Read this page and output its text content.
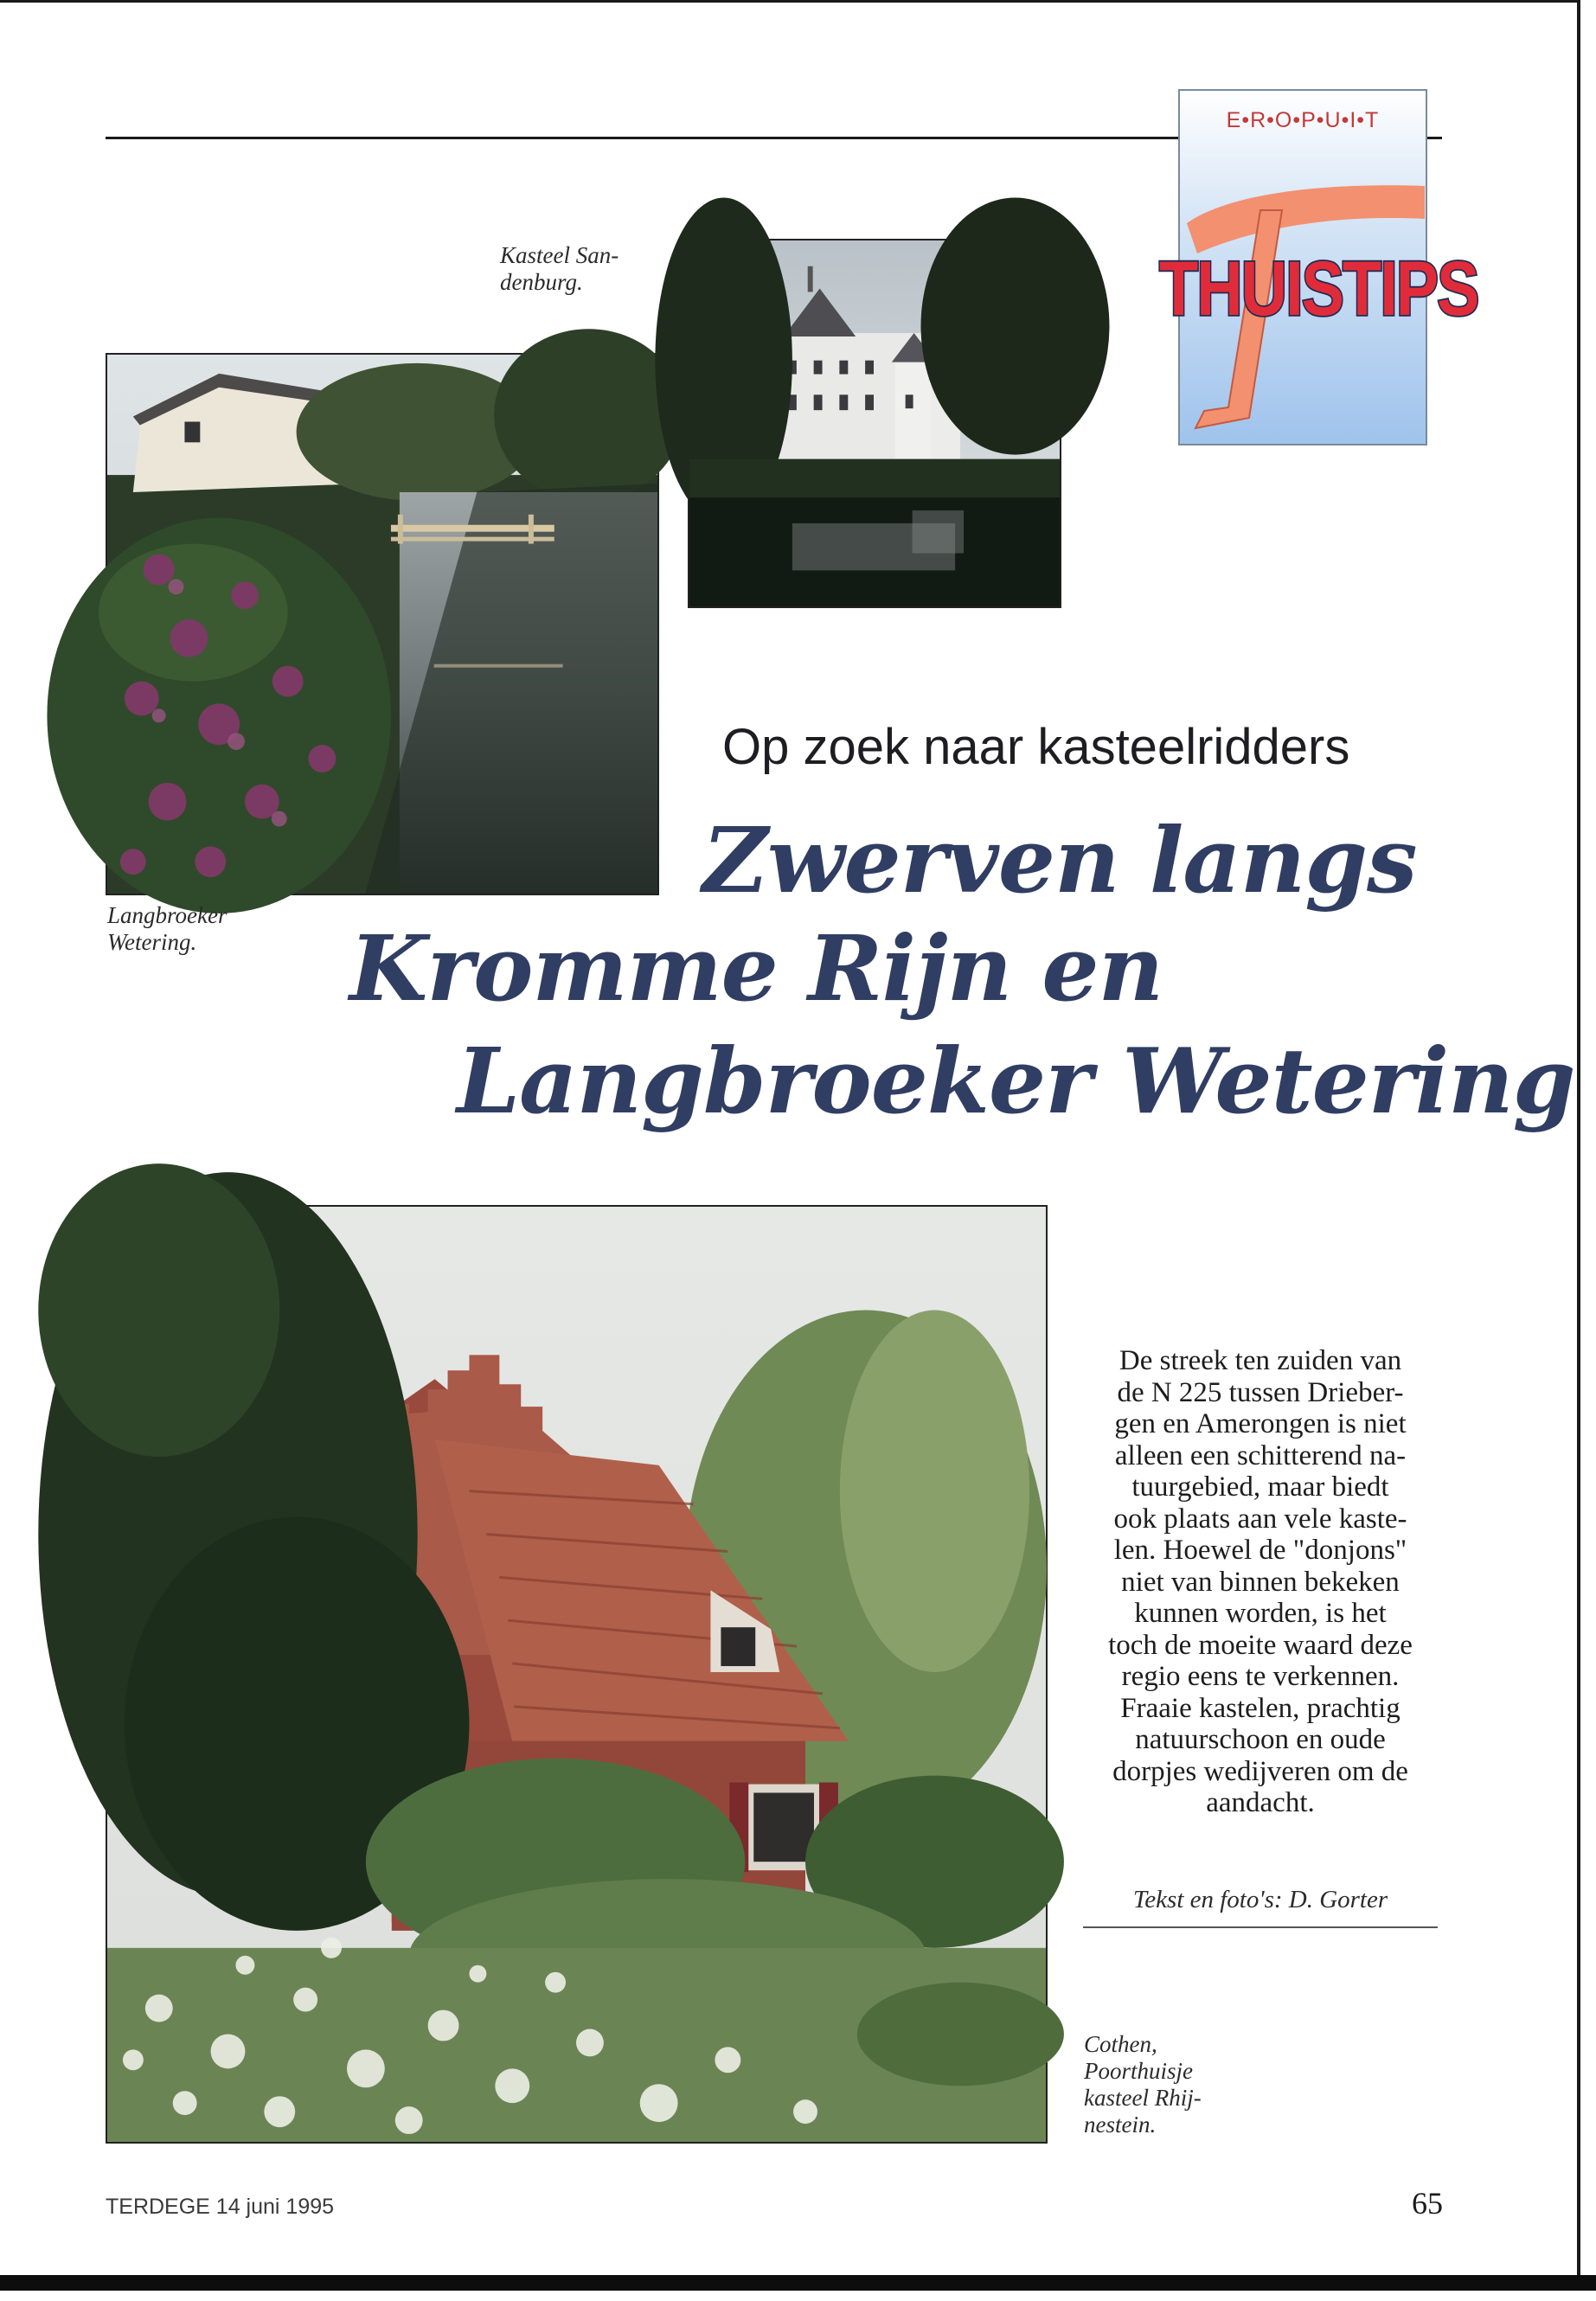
Kasteel San-
denburg.

E•R•O•P•U•I•T
THUISTIPS
Op zoek naar kasteelridders
Zwerven langs
Kromme Rijn en
Langbroeker Wetering

Langbroeker
Wetering.

De streek ten zuiden van
de N 225 tussen Drieber-
gen en Amerongen is niet
alleen een schitterend na-
tuurgebied, maar biedt
ook plaats aan vele kaste-
len. Hoewel de "donjons"
niet van binnen bekeken
kunnen worden, is het
toch de moeite waard deze
regio eens te verkennen.
Fraaie kastelen, prachtig
natuurschoon en oude
dorpjes wedijveren om de
aandacht.

Tekst en foto's: D. Gorter

Cothen,
Poorthuisje
kasteel Rhij-
nestein.

TERDEGE 14 juni 1995	65
